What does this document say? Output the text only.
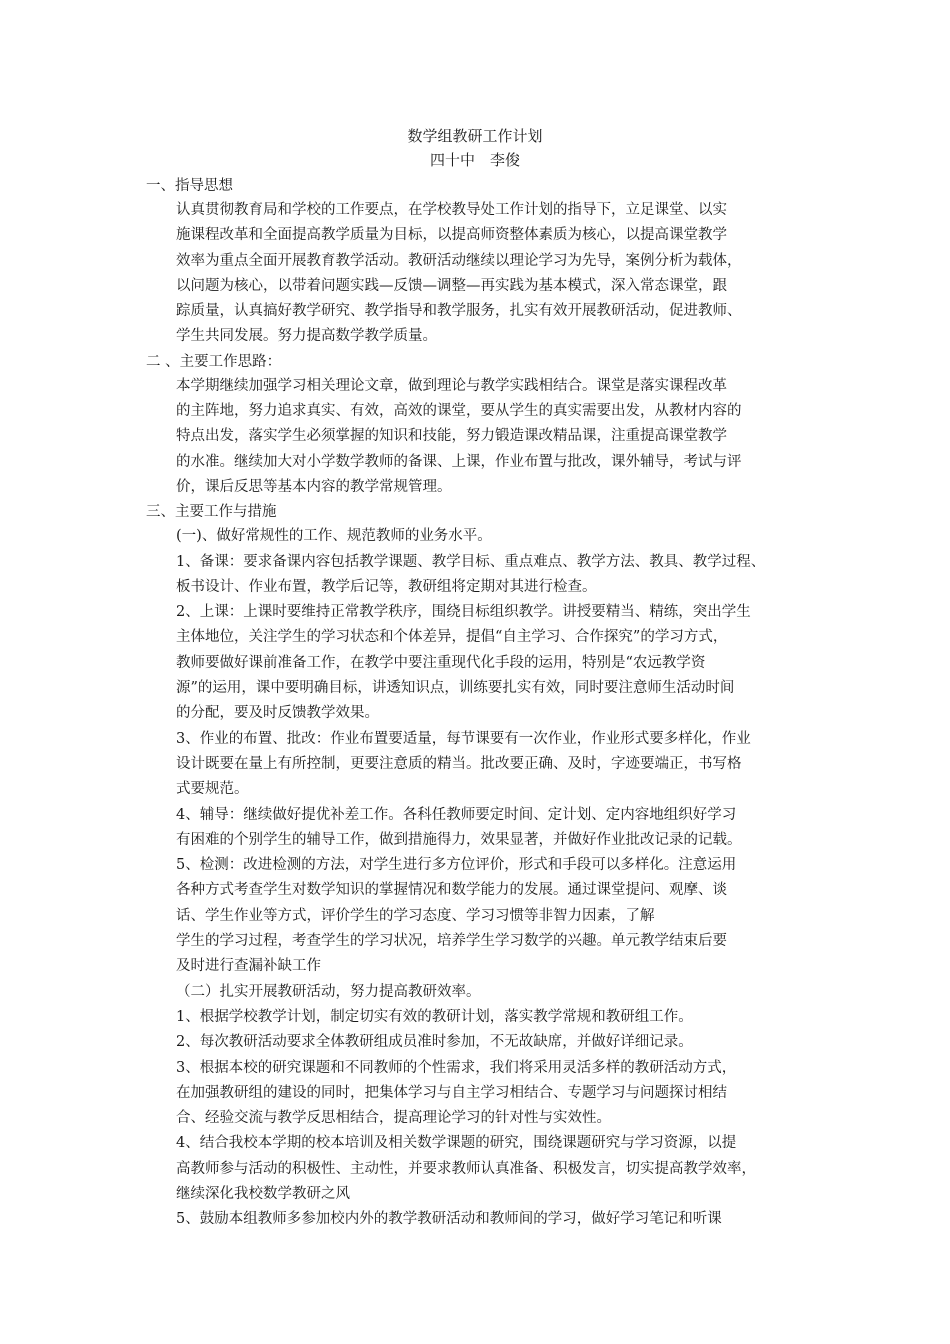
数学组教研工作计划
四十中　李俊
一、指导思想
认真贯彻教育局和学校的工作要点，在学校教导处工作计划的指导下，立足课堂、以实
施课程改革和全面提高教学质量为目标，以提高师资整体素质为核心，以提高课堂教学
效率为重点全面开展教育教学活动。教研活动继续以理论学习为先导，案例分析为载体，
以问题为核心，以带着问题实践—反馈—调整—再实践为基本模式，深入常态课堂，跟
踪质量，认真搞好教学研究、教学指导和教学服务，扎实有效开展教研活动，促进教师、
学生共同发展。努力提高数学教学质量。
二 、主要工作思路：
本学期继续加强学习相关理论文章，做到理论与教学实践相结合。课堂是落实课程改革
的主阵地，努力追求真实、有效，高效的课堂，要从学生的真实需要出发，从教材内容的
特点出发，落实学生必须掌握的知识和技能，努力锻造课改精品课，注重提高课堂教学
的水准。继续加大对小学数学教师的备课、上课，作业布置与批改，课外辅导，考试与评
价，课后反思等基本内容的教学常规管理。
三、主要工作与措施
(一)、做好常规性的工作、规范教师的业务水平。
1、备课：要求备课内容包括教学课题、教学目标、重点难点、教学方法、教具、教学过程、
板书设计、作业布置，教学后记等，教研组将定期对其进行检查。
2、上课：上课时要维持正常教学秩序，围绕目标组织教学。讲授要精当、精练，突出学生
主体地位，关注学生的学习状态和个体差异，提倡“自主学习、合作探究”的学习方式，
教师要做好课前准备工作，在教学中要注重现代化手段的运用，特别是“农远教学资
源”的运用，课中要明确目标，讲透知识点，训练要扎实有效，同时要注意师生活动时间
的分配，要及时反馈教学效果。
3、作业的布置、批改：作业布置要适量，每节课要有一次作业，作业形式要多样化，作业
设计既要在量上有所控制，更要注意质的精当。批改要正确、及时，字迹要端正，书写格
式要规范。
4、辅导：继续做好提优补差工作。各科任教师要定时间、定计划、定内容地组织好学习
有困难的个别学生的辅导工作，做到措施得力，效果显著，并做好作业批改记录的记载。
5、检测：改进检测的方法，对学生进行多方位评价，形式和手段可以多样化。注意运用
各种方式考查学生对数学知识的掌握情况和数学能力的发展。通过课堂提问、观摩、谈
话、学生作业等方式，评价学生的学习态度、学习习惯等非智力因素，了解
学生的学习过程，考查学生的学习状况，培养学生学习数学的兴趣。单元教学结束后要
及时进行查漏补缺工作
（二）扎实开展教研活动，努力提高教研效率。
1、根据学校教学计划，制定切实有效的教研计划，落实教学常规和教研组工作。
2、每次教研活动要求全体教研组成员准时参加，不无故缺席，并做好详细记录。
3、根据本校的研究课题和不同教师的个性需求，我们将采用灵活多样的教研活动方式，
在加强教研组的建设的同时，把集体学习与自主学习相结合、专题学习与问题探讨相结
合、经验交流与教学反思相结合，提高理论学习的针对性与实效性。
4、结合我校本学期的校本培训及相关数学课题的研究，围绕课题研究与学习资源，以提
高教师参与活动的积极性、主动性，并要求教师认真准备、积极发言，切实提高教学效率，
继续深化我校数学教研之风
5、鼓励本组教师多参加校内外的教学教研活动和教师间的学习，做好学习笔记和听课
